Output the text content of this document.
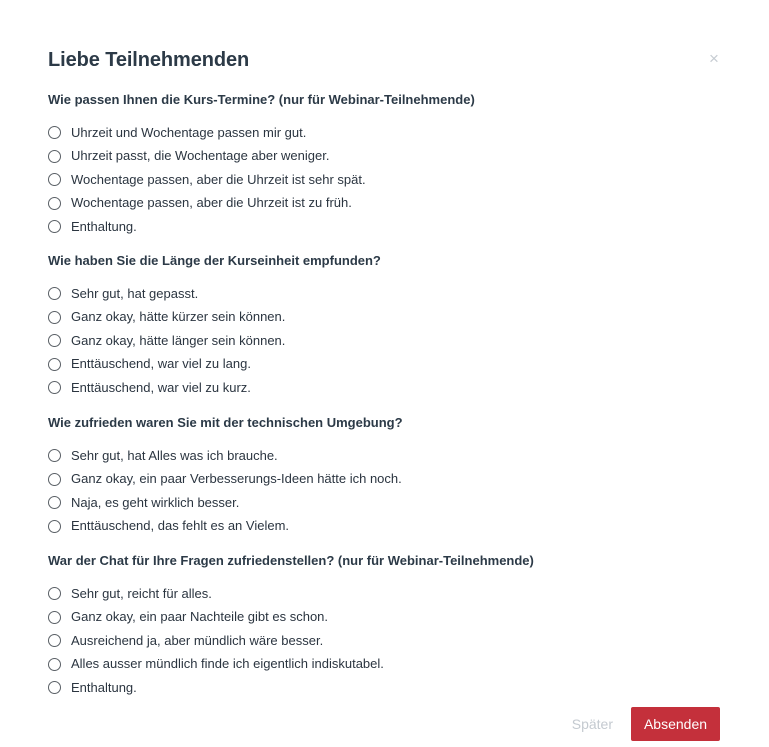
Liebe Teilnehmenden	×
Wie passen Ihnen die Kurs-Termine? (nur für Webinar-Teilnehmende)
Uhrzeit und Wochentage passen mir gut.
Uhrzeit passt, die Wochentage aber weniger.
Wochentage passen, aber die Uhrzeit ist sehr spät.
Wochentage passen, aber die Uhrzeit ist zu früh.
Enthaltung.
Wie haben Sie die Länge der Kurseinheit empfunden?
Sehr gut, hat gepasst.
Ganz okay, hätte kürzer sein können.
Ganz okay, hätte länger sein können.
Enttäuschend, war viel zu lang.
Enttäuschend, war viel zu kurz.
Wie zufrieden waren Sie mit der technischen Umgebung?
Sehr gut, hat Alles was ich brauche.
Ganz okay, ein paar Verbesserungs-Ideen hätte ich noch.
Naja, es geht wirklich besser.
Enttäuschend, das fehlt es an Vielem.
War der Chat für Ihre Fragen zufriedenstellen? (nur für Webinar-Teilnehmende)
Sehr gut, reicht für alles.
Ganz okay, ein paar Nachteile gibt es schon.
Ausreichend ja, aber mündlich wäre besser.
Alles ausser mündlich finde ich eigentlich indiskutabel.
Enthaltung.
Später	Absenden
